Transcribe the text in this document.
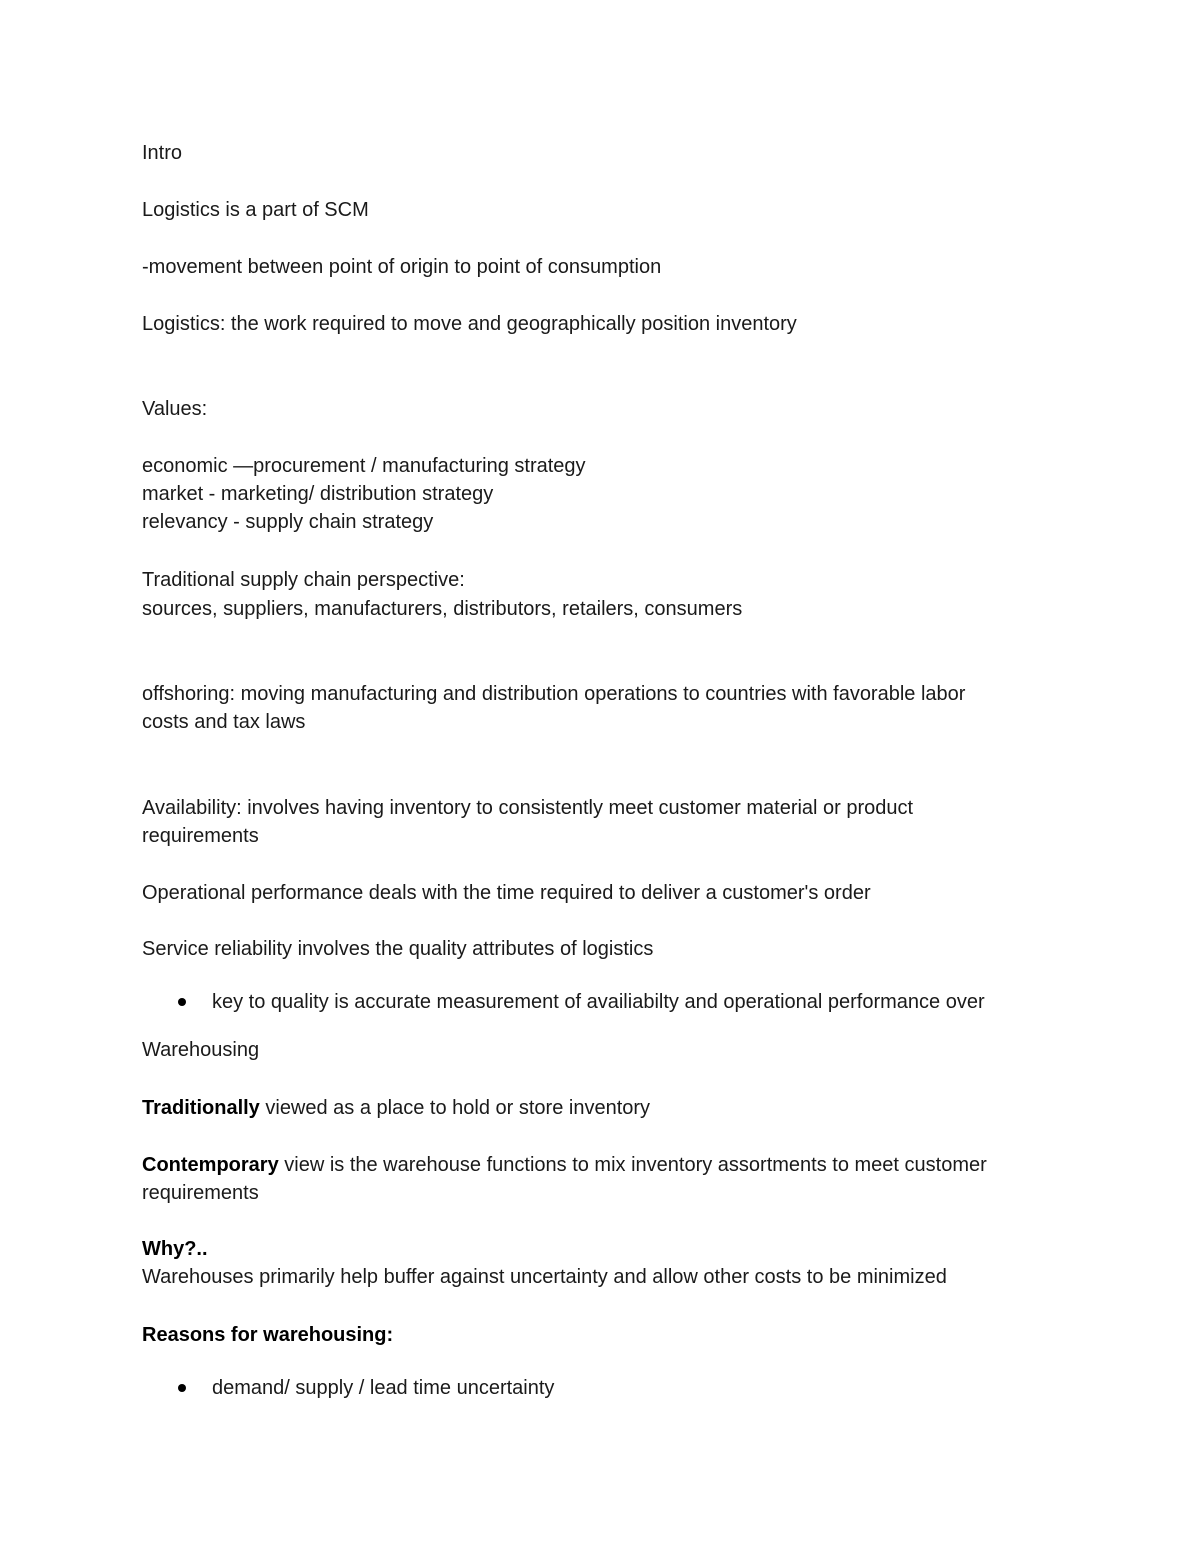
Intro
Logistics is a part of SCM
-movement between point of origin to point of consumption
Logistics: the work required to move and geographically position inventory
Values:
economic —procurement / manufacturing strategy
market - marketing/ distribution strategy
relevancy - supply chain strategy
Traditional supply chain perspective:
sources, suppliers, manufacturers, distributors, retailers, consumers
offshoring: moving manufacturing and distribution operations to countries with favorable labor
costs and tax laws
Availability: involves having inventory to consistently meet customer material or product
requirements
Operational performance deals with the time required to deliver a customer's order
Service reliability involves the quality attributes of logistics
key to quality is accurate measurement of availiabilty and operational performance over
Warehousing
Traditionally viewed as a place to hold or store inventory
Contemporary view is the warehouse functions to mix inventory assortments to meet customer
requirements
Why?..
Warehouses primarily help buffer against uncertainty and allow other costs to be minimized
Reasons for warehousing:
demand/ supply / lead time uncertainty
